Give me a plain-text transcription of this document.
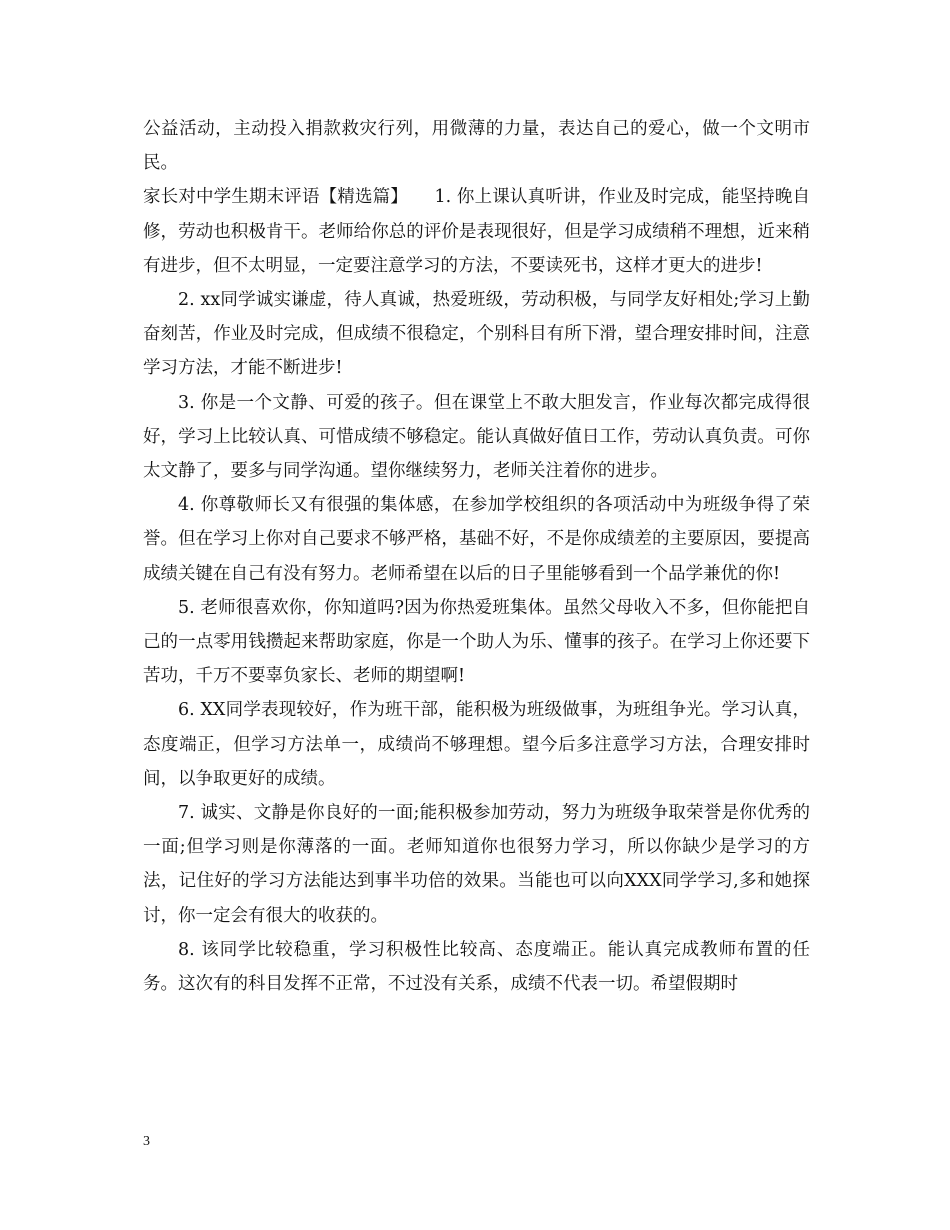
公益活动，主动投入捐款救灾行列，用微薄的力量，表达自己的爱心，做一个文明市民。

家长对中学生期末评语【精选篇】　　1. 你上课认真听讲，作业及时完成，能坚持晚自修，劳动也积极肯干。老师给你总的评价是表现很好，但是学习成绩稍不理想，近来稍有进步，但不太明显，一定要注意学习的方法，不要读死书，这样才更大的进步!

2. xx同学诚实谦虚，待人真诚，热爱班级，劳动积极，与同学友好相处;学习上勤奋刻苦，作业及时完成，但成绩不很稳定，个别科目有所下滑，望合理安排时间，注意学习方法，才能不断进步!

3. 你是一个文静、可爱的孩子。但在课堂上不敢大胆发言，作业每次都完成得很好，学习上比较认真、可惜成绩不够稳定。能认真做好值日工作，劳动认真负责。可你太文静了，要多与同学沟通。望你继续努力，老师关注着你的进步。

4. 你尊敬师长又有很强的集体感，在参加学校组织的各项活动中为班级争得了荣誉。但在学习上你对自己要求不够严格，基础不好，不是你成绩差的主要原因，要提高成绩关键在自己有没有努力。老师希望在以后的日子里能够看到一个品学兼优的你!

5. 老师很喜欢你，你知道吗?因为你热爱班集体。虽然父母收入不多，但你能把自己的一点零用钱攒起来帮助家庭，你是一个助人为乐、懂事的孩子。在学习上你还要下苦功，千万不要辜负家长、老师的期望啊!

6. XX同学表现较好，作为班干部，能积极为班级做事，为班组争光。学习认真，态度端正，但学习方法单一，成绩尚不够理想。望今后多注意学习方法，合理安排时间，以争取更好的成绩。

7. 诚实、文静是你良好的一面;能积极参加劳动，努力为班级争取荣誉是你优秀的一面;但学习则是你薄落的一面。老师知道你也很努力学习，所以你缺少是学习的方法，记住好的学习方法能达到事半功倍的效果。当能也可以向XXX同学学习,多和她探讨，你一定会有很大的收获的。

8. 该同学比较稳重，学习积极性比较高、态度端正。能认真完成教师布置的任务。这次有的科目发挥不正常，不过没有关系，成绩不代表一切。希望假期时

3
